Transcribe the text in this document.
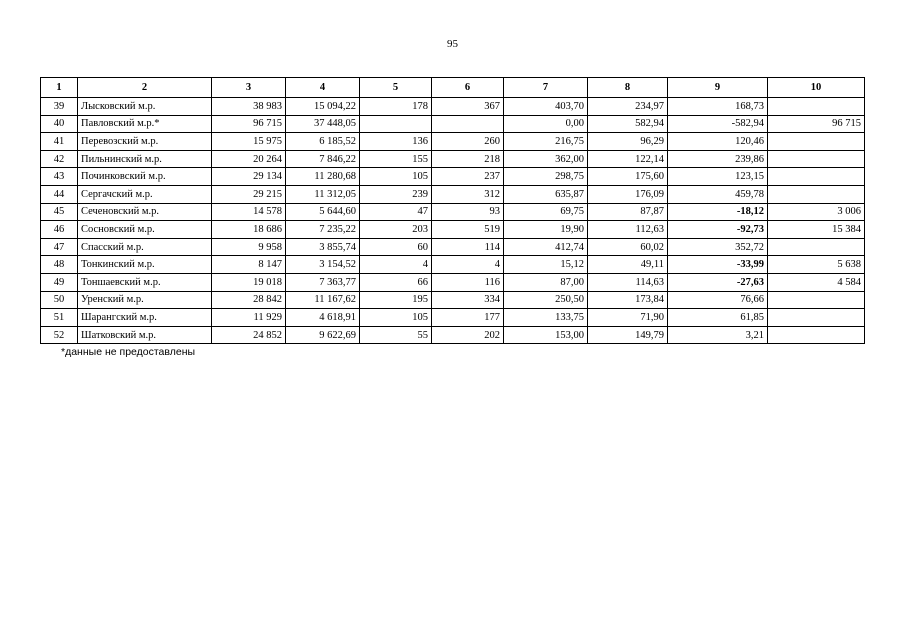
95
1	2	3	4	5	6	7	8	9	10
39	Лысковский м.р.	38 983	15 094,22	178	367	403,70	234,97	168,73	
40	Павловский м.р.*	96 715	37 448,05			0,00	582,94	-582,94	96 715
41	Перевозский м.р.	15 975	6 185,52	136	260	216,75	96,29	120,46	
42	Пильнинский м.р.	20 264	7 846,22	155	218	362,00	122,14	239,86	
43	Починковский м.р.	29 134	11 280,68	105	237	298,75	175,60	123,15	
44	Сергачский м.р.	29 215	11 312,05	239	312	635,87	176,09	459,78	
45	Сеченовский м.р.	14 578	5 644,60	47	93	69,75	87,87	-18,12	3 006
46	Сосновский м.р.	18 686	7 235,22	203	519	19,90	112,63	-92,73	15 384
47	Спасский м.р.	9 958	3 855,74	60	114	412,74	60,02	352,72	
48	Тонкинский м.р.	8 147	3 154,52	4	4	15,12	49,11	-33,99	5 638
49	Тоншаевский м.р.	19 018	7 363,77	66	116	87,00	114,63	-27,63	4 584
50	Уренский м.р.	28 842	11 167,62	195	334	250,50	173,84	76,66	
51	Шарангский м.р.	11 929	4 618,91	105	177	133,75	71,90	61,85	
52	Шатковский м.р.	24 852	9 622,69	55	202	153,00	149,79	3,21	
*данные не предоставлены
